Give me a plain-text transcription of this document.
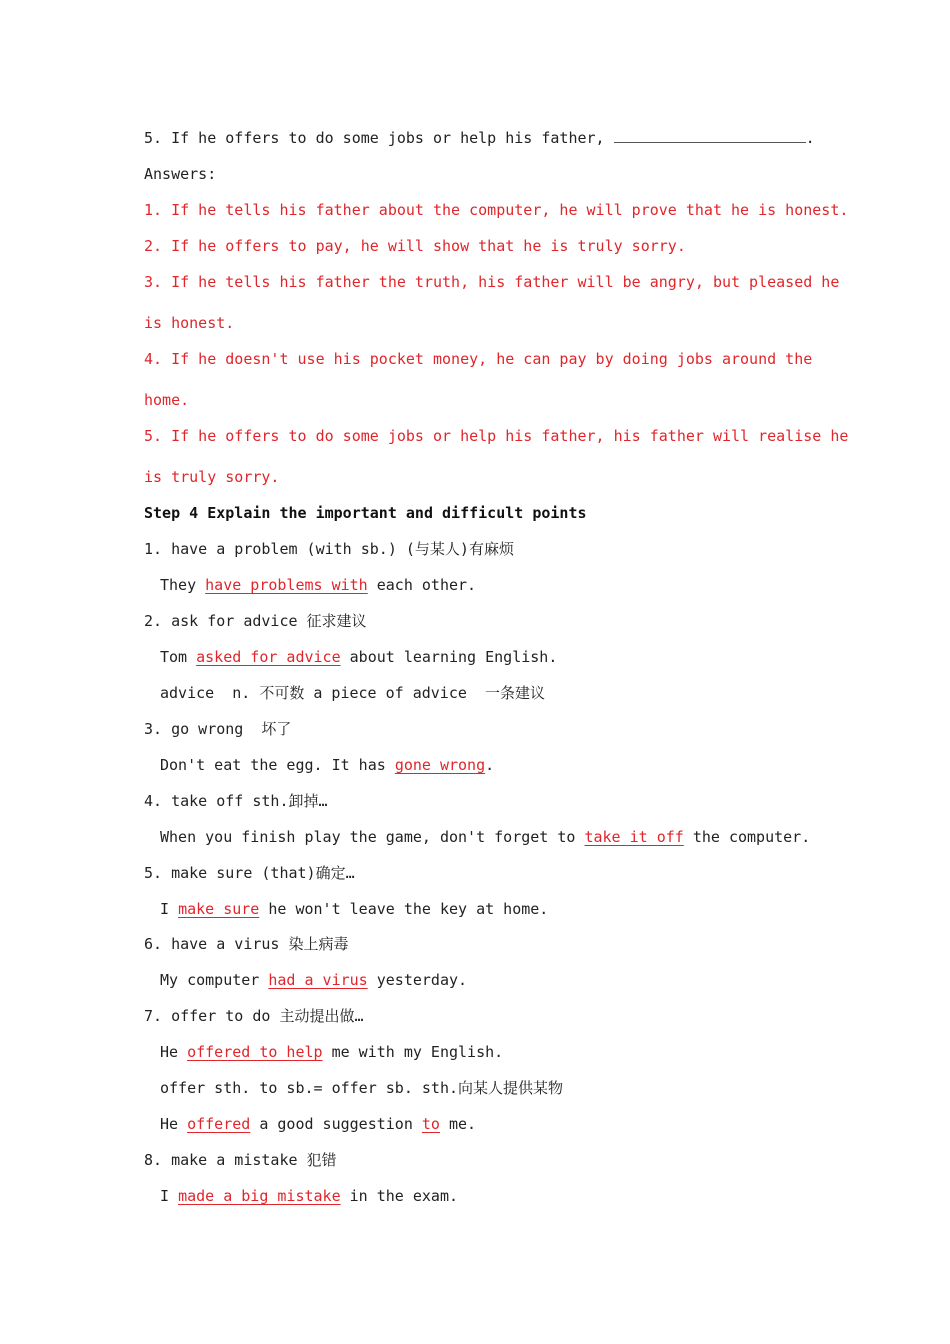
5. If he offers to do some jobs or help his father,	.
Answers:
1. If he tells his father about the computer, he will prove that he is honest.
2. If he offers to pay, he will show that he is truly sorry.
3. If he tells his father the truth, his father will be angry, but pleased he
is honest.
4. If he doesn't use his pocket money, he can pay by doing jobs around the
home.
5. If he offers to do some jobs or help his father, his father will realise he
is truly sorry.
Step 4 Explain the important and difficult points
1. have a problem (with sb.) (与某人)有麻烦
They have problems with each other.
2. ask for advice 征求建议
Tom asked for advice about learning English.
advice  n. 不可数 a piece of advice  一条建议
3. go wrong  坏了
Don't eat the egg. It has gone wrong.
4. take off sth.卸掉…
When you finish play the game, don't forget to take it off the computer.
5. make sure (that)确定…
I make sure he won't leave the key at home.
6. have a virus 染上病毒
My computer had a virus yesterday.
7. offer to do 主动提出做…
He offered to help me with my English.
offer sth. to sb.= offer sb. sth.向某人提供某物
He offered a good suggestion to me.
8. make a mistake 犯错
I made a big mistake in the exam.
